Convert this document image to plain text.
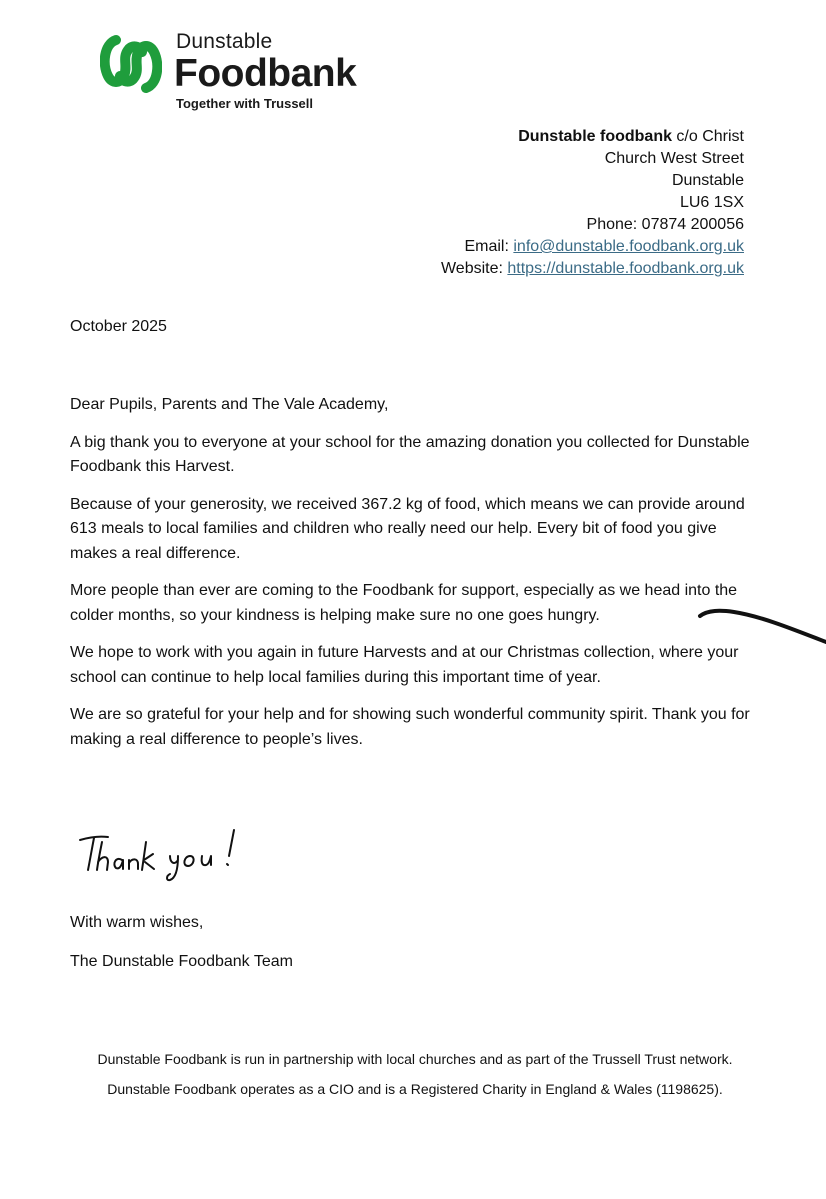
Dunstable
Foodbank
Together with Trussell
Dunstable foodbank c/o Christ
Church West Street
Dunstable
LU6 1SX
Phone: 07874 200056
Email: info@dunstable.foodbank.org.uk
Website: https://dunstable.foodbank.org.uk
October 2025

Dear Pupils, Parents and The Vale Academy,

A big thank you to everyone at your school for the amazing donation you collected for Dunstable Foodbank this Harvest.

Because of your generosity, we received 367.2 kg of food, which means we can provide around 613 meals to local families and children who really need our help. Every bit of food you give makes a real difference.

More people than ever are coming to the Foodbank for support, especially as we head into the colder months, so your kindness is helping make sure no one goes hungry.

We hope to work with you again in future Harvests and at our Christmas collection, where your school can continue to help local families during this important time of year.

We are so grateful for your help and for showing such wonderful community spirit. Thank you for making a real difference to people’s lives.

With warm wishes,
The Dunstable Foodbank Team

Dunstable Foodbank is run in partnership with local churches and as part of the Trussell Trust network.

Dunstable Foodbank operates as a CIO and is a Registered Charity in England & Wales (1198625).
